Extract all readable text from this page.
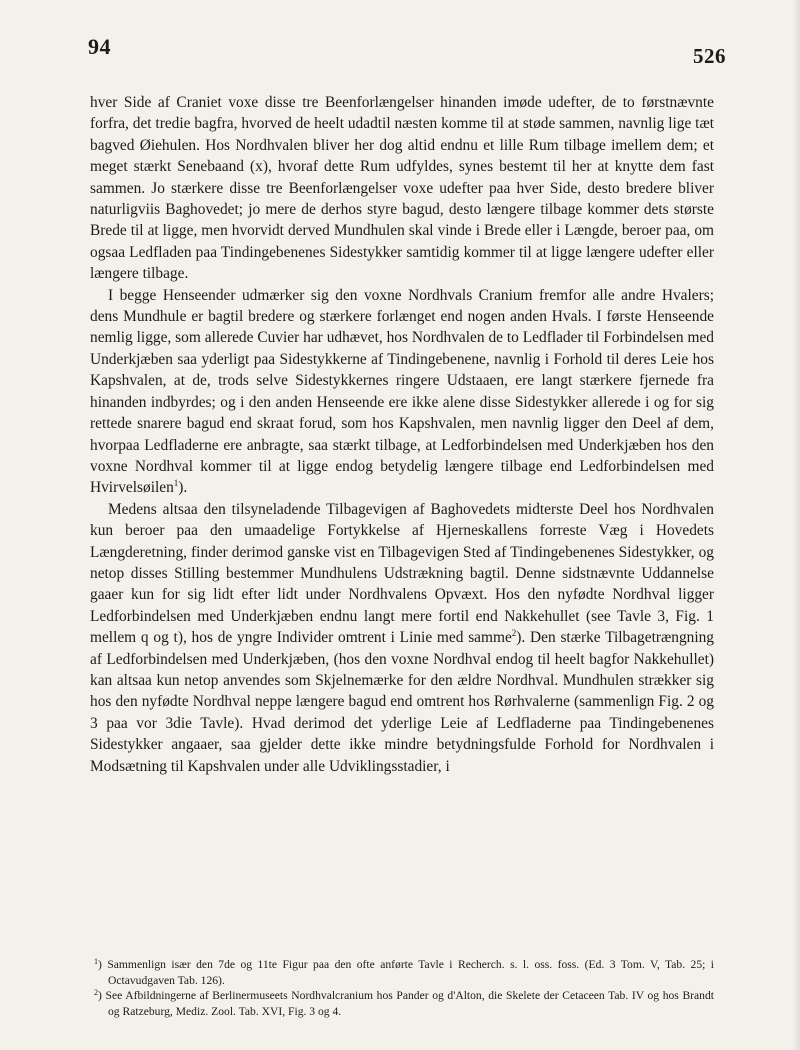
94	526

hver Side af Craniet voxe disse tre Beenforlængelser hinanden imøde udefter, de to førstnævnte forfra, det tredie bagfra, hvorved de heelt udadtil næsten komme til at støde sammen, navnlig lige tæt bagved Øiehulen. Hos Nordhvalen bliver her dog altid endnu et lille Rum tilbage imellem dem; et meget stærkt Senebaand (x), hvoraf dette Rum udfyldes, synes bestemt til her at knytte dem fast sammen. Jo stærkere disse tre Beenforlængelser voxe udefter paa hver Side, desto bredere bliver naturligviis Baghovedet; jo mere de derhos styre bagud, desto længere tilbage kommer dets største Brede til at ligge, men hvorvidt derved Mundhulen skal vinde i Brede eller i Længde, beroer paa, om ogsaa Ledfladen paa Tindingebenenes Sidestykker samtidig kommer til at ligge længere udefter eller længere tilbage.

I begge Henseender udmærker sig den voxne Nordhvals Cranium fremfor alle andre Hvalers; dens Mundhule er bagtil bredere og stærkere forlænget end nogen anden Hvals. I første Henseende nemlig ligge, som allerede Cuvier har udhævet, hos Nordhvalen de to Ledflader til Forbindelsen med Underkjæben saa yderligt paa Sidestykkerne af Tindingebenene, navnlig i Forhold til deres Leie hos Kapshvalen, at de, trods selve Sidestykkernes ringere Udstaaen, ere langt stærkere fjernede fra hinanden indbyrdes; og i den anden Henseende ere ikke alene disse Sidestykker allerede i og for sig rettede snarere bagud end skraat forud, som hos Kapshvalen, men navnlig ligger den Deel af dem, hvorpaa Ledfladerne ere anbragte, saa stærkt tilbage, at Ledforbindelsen med Underkjæben hos den voxne Nordhval kommer til at ligge endog betydelig længere tilbage end Ledforbindelsen med Hvirvelsøilen$^1$).

Medens altsaa den tilsyneladende Tilbagevigen af Baghovedets midterste Deel hos Nordhvalen kun beroer paa den umaadelige Fortykkelse af Hjerneskallens forreste Væg i Hovedets Længderetning, finder derimod ganske vist en Tilbagevigen Sted af Tindingebenenes Sidestykker, og netop disses Stilling bestemmer Mundhulens Udstrækning bagtil. Denne sidstnævnte Uddannelse gaaer kun for sig lidt efter lidt under Nordhvalens Opvæxt. Hos den nyfødte Nordhval ligger Ledforbindelsen med Underkjæben endnu langt mere fortil end Nakkehullet (see Tavle 3, Fig. 1 mellem q og t), hos de yngre Individer omtrent i Linie med samme$^2$). Den stærke Tilbagetrængning af Ledforbindelsen med Underkjæben, (hos den voxne Nordhval endog til heelt bagfor Nakkehullet) kan altsaa kun netop anvendes som Skjelnemærke for den ældre Nordhval. Mundhulen strækker sig hos den nyfødte Nordhval neppe længere bagud end omtrent hos Rørhvalerne (sammenlign Fig. 2 og 3 paa vor 3die Tavle). Hvad derimod det yderlige Leie af Ledfladerne paa Tindingebenenes Sidestykker angaaer, saa gjelder dette ikke mindre betydningsfulde Forhold for Nordhvalen i Modsætning til Kapshvalen under alle Udviklingsstadier, i

$^1$) Sammenlign især den 7de og 11te Figur paa den ofte anførte Tavle i Recherch. s. l. oss. foss. (Ed. 3 Tom. V, Tab. 25; i Octavudgaven Tab. 126).

$^2$) See Afbildningerne af Berlinermuseets Nordhvalcranium hos Pander og d'Alton, die Skelete der Cetaceen Tab. IV og hos Brandt og Ratzeburg, Mediz. Zool. Tab. XVI, Fig. 3 og 4.
